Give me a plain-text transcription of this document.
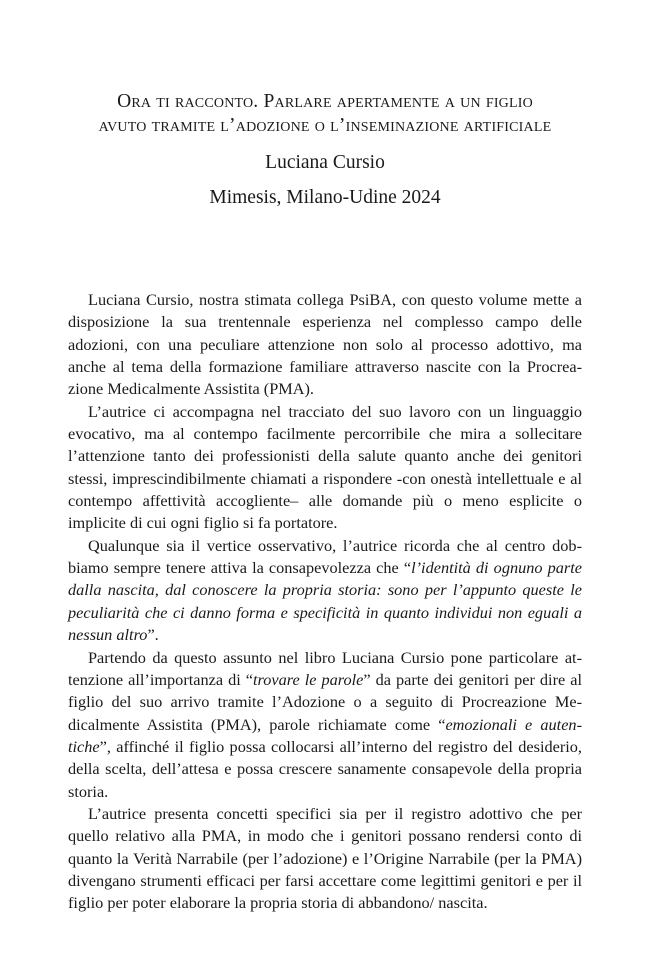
Ora ti racconto. Parlare apertamente a un figlio
avuto tramite l’adozione o l’inseminazione artificiale
Luciana Cursio
Mimesis, Milano-Udine 2024

Luciana Cursio, nostra stimata collega PsiBA, con questo volume mette a disposizione la sua trentennale esperienza nel complesso campo delle adozioni, con una peculiare attenzione non solo al processo adottivo, ma anche al tema della formazione familiare attraverso nascite con la Procreazione Medicalmente Assistita (PMA).

L’autrice ci accompagna nel tracciato del suo lavoro con un linguaggio evocativo, ma al contempo facilmente percorribile che mira a sollecitare l’attenzione tanto dei professionisti della salute quanto anche dei genitori stessi, imprescindibilmente chiamati a rispondere -con onestà intellettuale e al contempo affettività accogliente– alle domande più o meno esplicite o implicite di cui ogni figlio si fa portatore.

Qualunque sia il vertice osservativo, l’autrice ricorda che al centro dobbiamo sempre tenere attiva la consapevolezza che “l’identità di ognuno parte dalla nascita, dal conoscere la propria storia: sono per l’appunto queste le peculiarità che ci danno forma e specificità in quanto individui non eguali a nessun altro”.

Partendo da questo assunto nel libro Luciana Cursio pone particolare attenzione all’importanza di “trovare le parole” da parte dei genitori per dire al figlio del suo arrivo tramite l’Adozione o a seguito di Procreazione Medicalmente Assistita (PMA), parole richiamate come “emozionali e autentiche”, affinché il figlio possa collocarsi all’interno del registro del desiderio, della scelta, dell’attesa e possa crescere sanamente consapevole della propria storia.

L’autrice presenta concetti specifici sia per il registro adottivo che per quello relativo alla PMA, in modo che i genitori possano rendersi conto di quanto la Verità Narrabile (per l’adozione) e l’Origine Narrabile (per la PMA) divengano strumenti efficaci per farsi accettare come legittimi genitori e per il figlio per poter elaborare la propria storia di abbandono/ nascita.
